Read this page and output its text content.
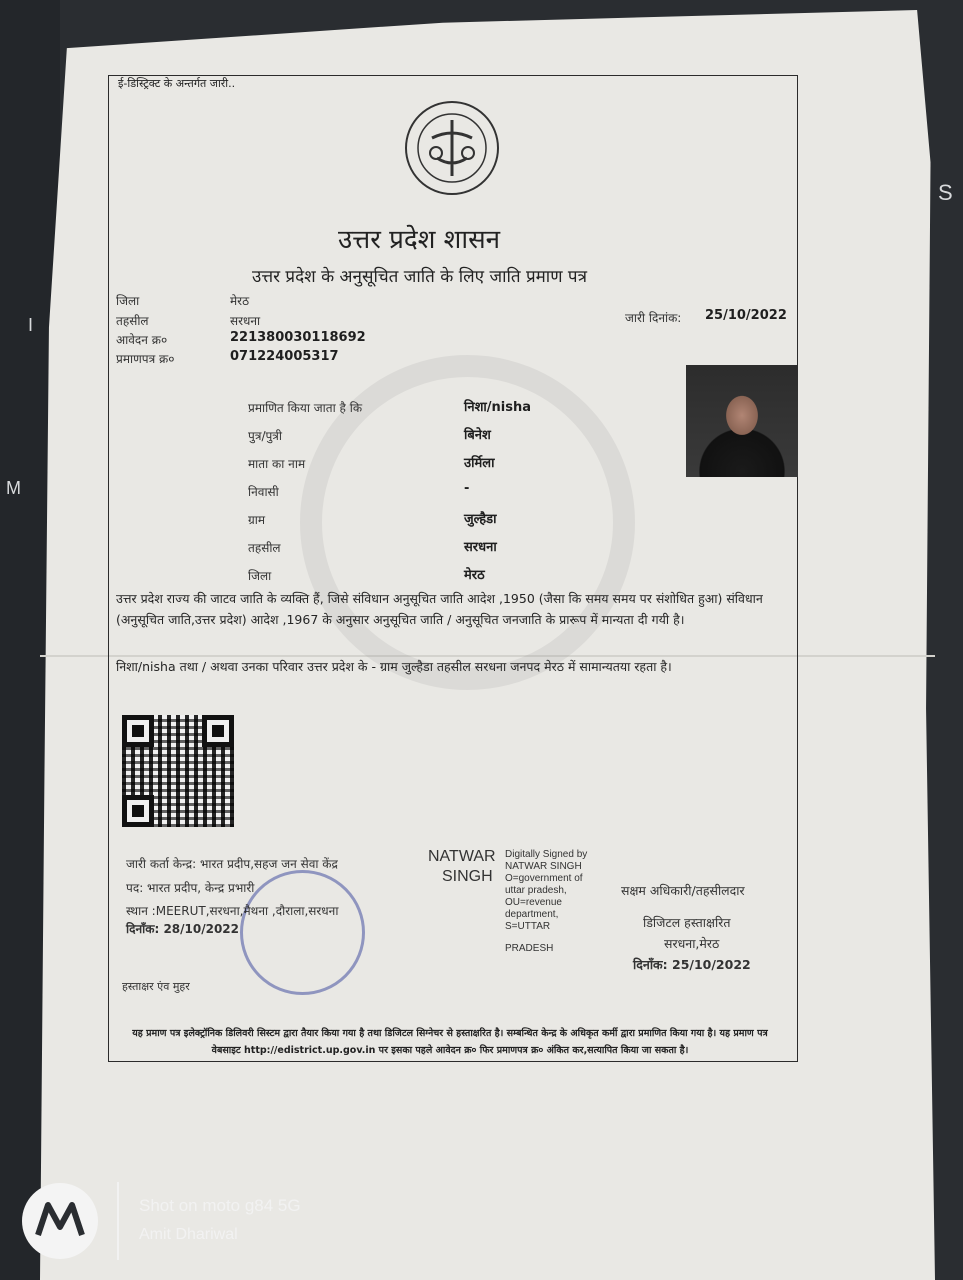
I
M
S
ई-डिस्ट्रिक्ट के अन्तर्गत जारी..
उत्तर प्रदेश शासन
उत्तर प्रदेश के अनुसूचित जाति के लिए जाति प्रमाण पत्र
जिला	मेरठ
तहसील	सरधना
आवेदन क्र०	221380030118692
प्रमाणपत्र क्र०	071224005317
जारी दिनांक: 25/10/2022
प्रमाणित किया जाता है कि	निशा/nisha
पुत्र/पुत्री	बिनेश
माता का नाम	उर्मिला
निवासी	-
ग्राम	जुल्हैडा
तहसील	सरधना
जिला	मेरठ
उत्तर प्रदेश राज्य की जाटव जाति के व्यक्ति हैं, जिसे संविधान अनुसूचित जाति आदेश ,1950 (जैसा कि समय समय पर संशोधित हुआ) संविधान (अनुसूचित जाति,उत्तर प्रदेश) आदेश ,1967 के अनुसार अनुसूचित जाति / अनुसूचित जनजाति के प्रारूप में मान्यता दी गयी है।
निशा/nisha तथा / अथवा उनका परिवार उत्तर प्रदेश के - ग्राम जुल्हैडा तहसील सरधना जनपद मेरठ में सामान्यतया रहता है।
जारी कर्ता केन्द्र: भारत प्रदीप,सहज जन सेवा केंद्र
पद: भारत प्रदीप, केन्द्र प्रभारी
स्थान :MEERUT,सरधना,मैथना ,दौराला,सरधना
दिनाँक: 28/10/2022
हस्ताक्षर एंव मुहर
NATWAR
SINGH
Digitally Signed by
NATWAR SINGH
O=government of
uttar pradesh,
OU=revenue
department,
S=UTTAR
PRADESH
सक्षम अधिकारी/तहसीलदार
डिजिटल हस्ताक्षरित
सरधना,मेरठ
दिनाँक: 25/10/2022
यह प्रमाण पत्र इलेक्ट्रॉनिक डिलिवरी सिस्टम द्वारा तैयार किया गया है तथा डिजिटल सिग्नेचर से हस्ताक्षरित है। सम्बन्धित केन्द्र के अधिकृत कर्मी द्वारा प्रमाणित किया गया है। यह प्रमाण पत्र वेबसाइट http://edistrict.up.gov.in पर इसका पहले आवेदन क्र० फिर प्रमाणपत्र क्र० अंकित कर,सत्यापित किया जा सकता है।
Shot on moto g84 5G
Amit Dhariwal
